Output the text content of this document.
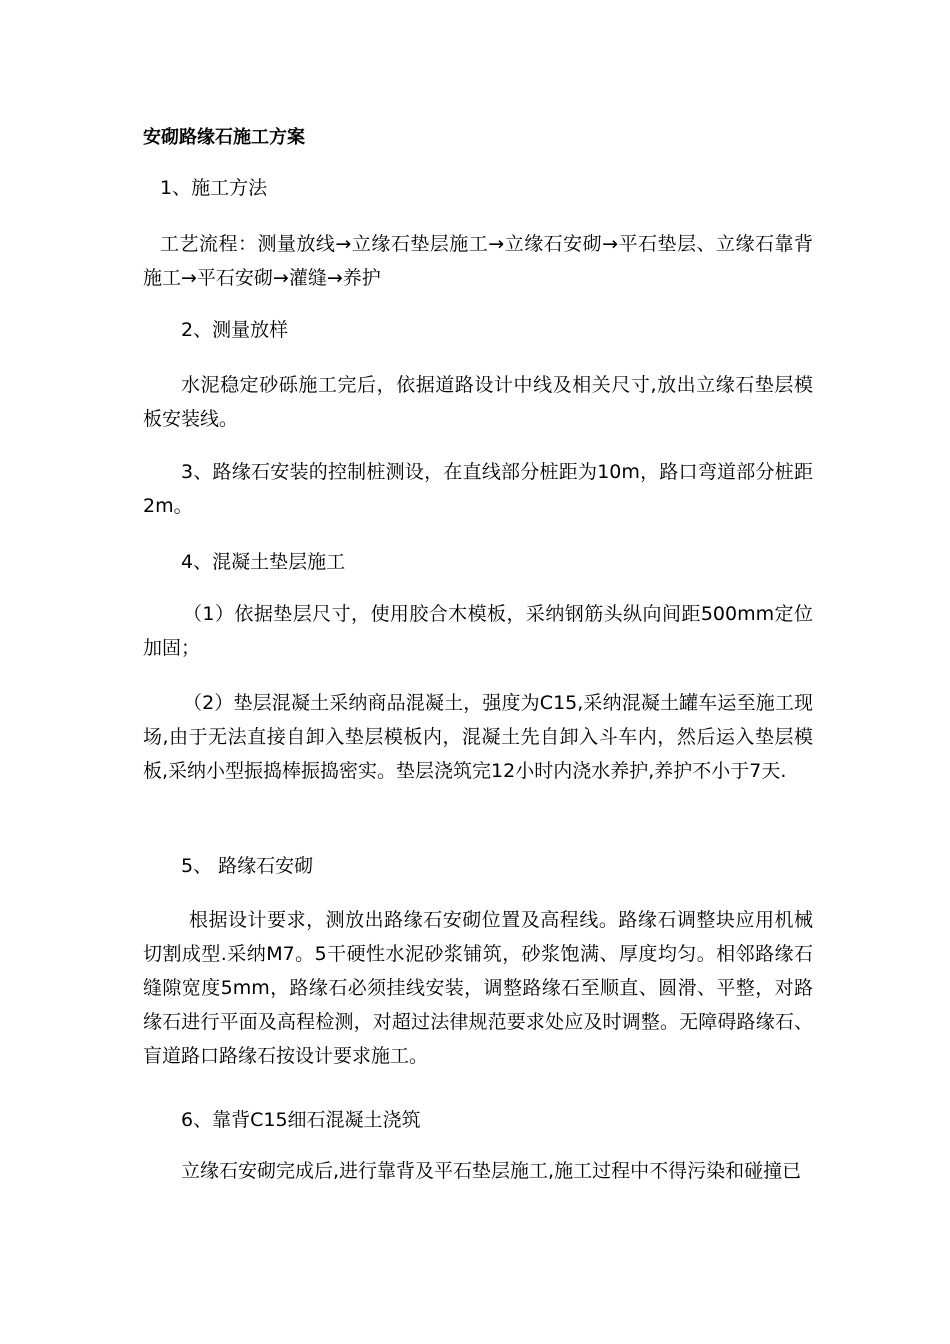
安砌路缘石施工方案
1、施工方法
工艺流程：测量放线→立缘石垫层施工→立缘石安砌→平石垫层、立缘石靠背施工→平石安砌→灌缝→养护
2、测量放样
水泥稳定砂砾施工完后，依据道路设计中线及相关尺寸,放出立缘石垫层模板安装线。
3、路缘石安装的控制桩测设，在直线部分桩距为10m，路口弯道部分桩距2m。
4、混凝土垫层施工
（1）依据垫层尺寸，使用胶合木模板，采纳钢筋头纵向间距500mm定位加固；
（2）垫层混凝土采纳商品混凝土，强度为C15,采纳混凝土罐车运至施工现场,由于无法直接自卸入垫层模板内，混凝土先自卸入斗车内，然后运入垫层模板,采纳小型振捣棒振捣密实。垫层浇筑完12小时内浇水养护,养护不小于7天.
5、 路缘石安砌
根据设计要求，测放出路缘石安砌位置及高程线。路缘石调整块应用机械切割成型.采纳M7。5干硬性水泥砂浆铺筑，砂浆饱满、厚度均匀。相邻路缘石缝隙宽度5mm，路缘石必须挂线安装，调整路缘石至顺直、圆滑、平整，对路缘石进行平面及高程检测，对超过法律规范要求处应及时调整。无障碍路缘石、盲道路口路缘石按设计要求施工。
6、靠背C15细石混凝土浇筑
立缘石安砌完成后,进行靠背及平石垫层施工,施工过程中不得污染和碰撞已
